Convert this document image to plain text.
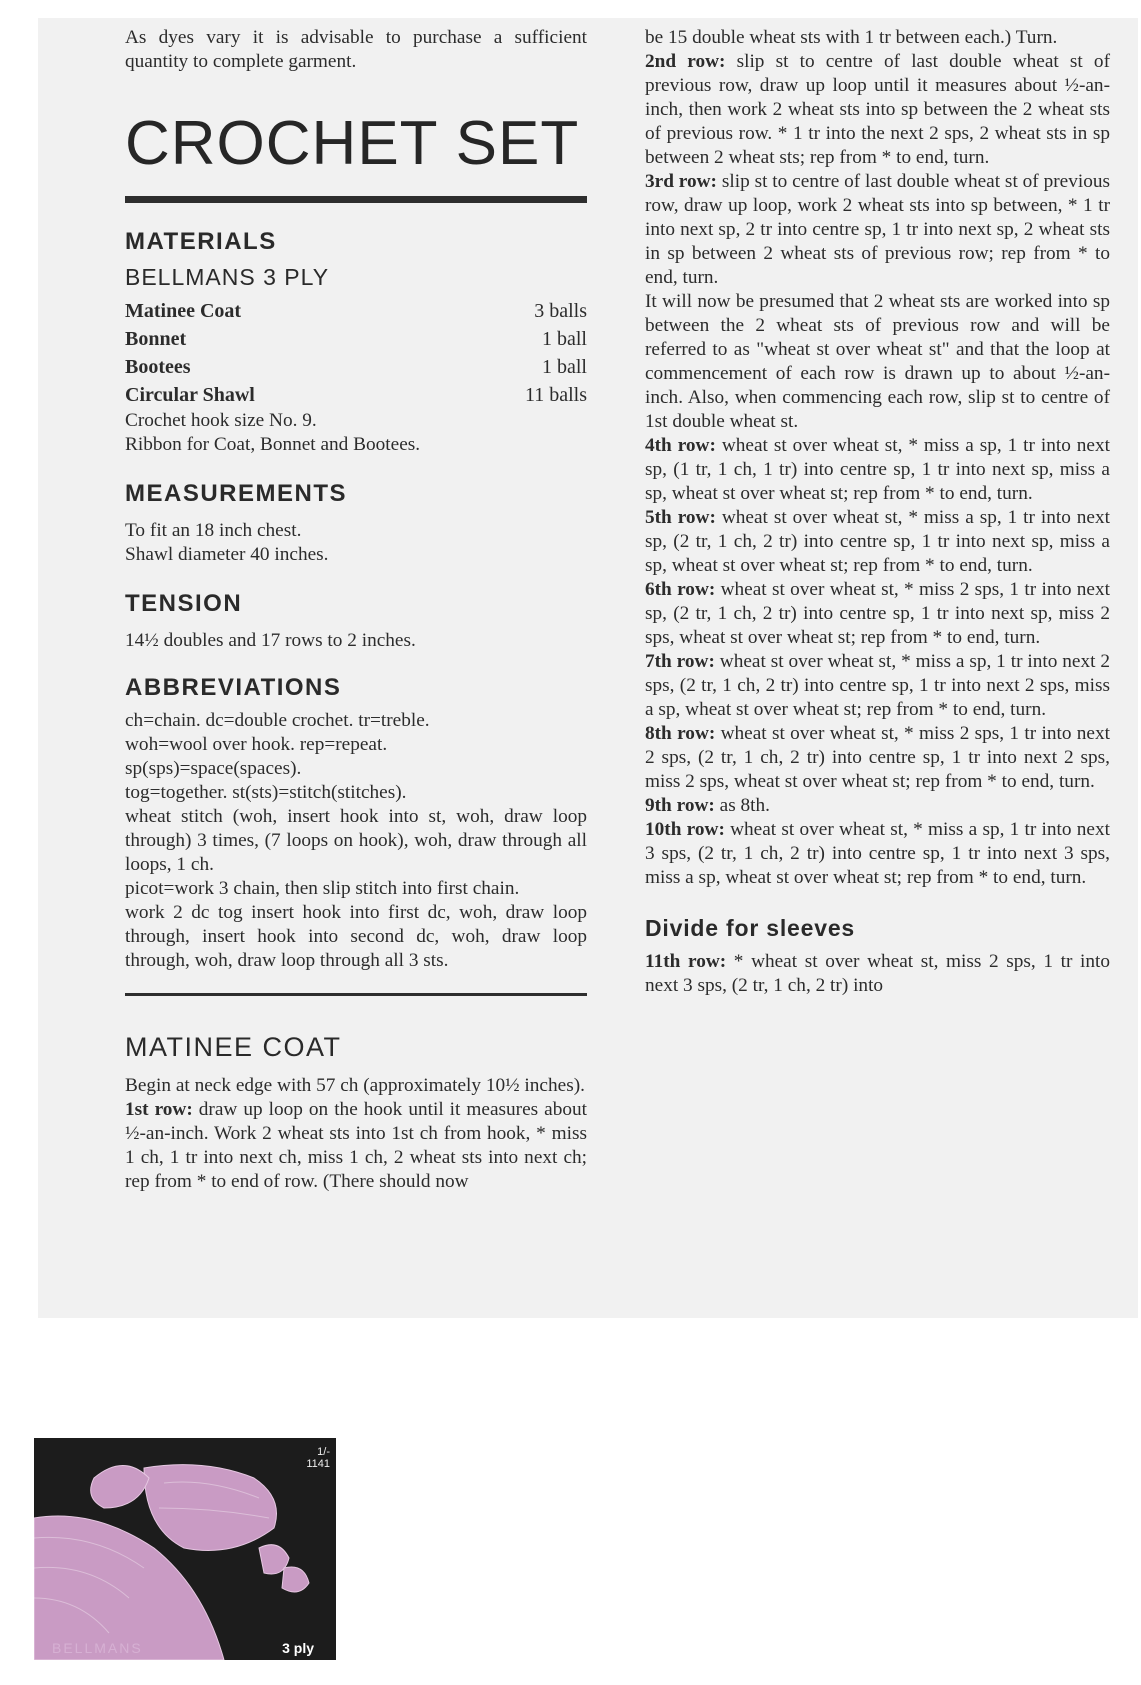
As dyes vary it is advisable to purchase a sufficient quantity to complete garment.

CROCHET SET
MATERIALS
BELLMANS 3 PLY
Matinee Coat	3 balls
Bonnet	1 ball
Bootees	1 ball
Circular Shawl	11 balls

Crochet hook size No. 9.
Ribbon for Coat, Bonnet and Bootees.

MEASUREMENTS

To fit an 18 inch chest.
Shawl diameter 40 inches.

TENSION

14½ doubles and 17 rows to 2 inches.

ABBREVIATIONS

ch=chain. dc=double crochet. tr=treble.
woh=wool over hook. rep=repeat.
sp(sps)=space(spaces).
tog=together. st(sts)=stitch(stitches).
wheat stitch (woh, insert hook into st, woh, draw loop through) 3 times, (7 loops on hook), woh, draw through all loops, 1 ch.
picot=work 3 chain, then slip stitch into first chain.
work 2 dc tog insert hook into first dc, woh, draw loop through, insert hook into second dc, woh, draw loop through, woh, draw loop through all 3 sts.

MATINEE COAT

Begin at neck edge with 57 ch (approximately 10½ inches).

1st row: draw up loop on the hook until it measures about ½-an-inch. Work 2 wheat sts into 1st ch from hook, * miss 1 ch, 1 tr into next ch, miss 1 ch, 2 wheat sts into next ch; rep from * to end of row. (There should now

be 15 double wheat sts with 1 tr between each.) Turn.

2nd row: slip st to centre of last double wheat st of previous row, draw up loop until it measures about ½-an-inch, then work 2 wheat sts into sp between the 2 wheat sts of previous row. * 1 tr into the next 2 sps, 2 wheat sts in sp between 2 wheat sts; rep from * to end, turn.

3rd row: slip st to centre of last double wheat st of previous row, draw up loop, work 2 wheat sts into sp between, * 1 tr into next sp, 2 tr into centre sp, 1 tr into next sp, 2 wheat sts in sp between 2 wheat sts of previous row; rep from * to end, turn.

It will now be presumed that 2 wheat sts are worked into sp between the 2 wheat sts of previous row and will be referred to as "wheat st over wheat st" and that the loop at commencement of each row is drawn up to about ½-an-inch. Also, when commencing each row, slip st to centre of 1st double wheat st.

4th row: wheat st over wheat st, * miss a sp, 1 tr into next sp, (1 tr, 1 ch, 1 tr) into centre sp, 1 tr into next sp, miss a sp, wheat st over wheat st; rep from * to end, turn.

5th row: wheat st over wheat st, * miss a sp, 1 tr into next sp, (2 tr, 1 ch, 2 tr) into centre sp, 1 tr into next sp, miss a sp, wheat st over wheat st; rep from * to end, turn.

6th row: wheat st over wheat st, * miss 2 sps, 1 tr into next sp, (2 tr, 1 ch, 2 tr) into centre sp, 1 tr into next sp, miss 2 sps, wheat st over wheat st; rep from * to end, turn.

7th row: wheat st over wheat st, * miss a sp, 1 tr into next 2 sps, (2 tr, 1 ch, 2 tr) into centre sp, 1 tr into next 2 sps, miss a sp, wheat st over wheat st; rep from * to end, turn.

8th row: wheat st over wheat st, * miss 2 sps, 1 tr into next 2 sps, (2 tr, 1 ch, 2 tr) into centre sp, 1 tr into next 2 sps, miss 2 sps, wheat st over wheat st; rep from * to end, turn.

9th row: as 8th.

10th row: wheat st over wheat st, * miss a sp, 1 tr into next 3 sps, (2 tr, 1 ch, 2 tr) into centre sp, 1 tr into next 3 sps, miss a sp, wheat st over wheat st; rep from * to end, turn.

Divide for sleeves

11th row: * wheat st over wheat st, miss 2 sps, 1 tr into next 3 sps, (2 tr, 1 ch, 2 tr) into

1/-
1141
BELLMANS	3 ply
